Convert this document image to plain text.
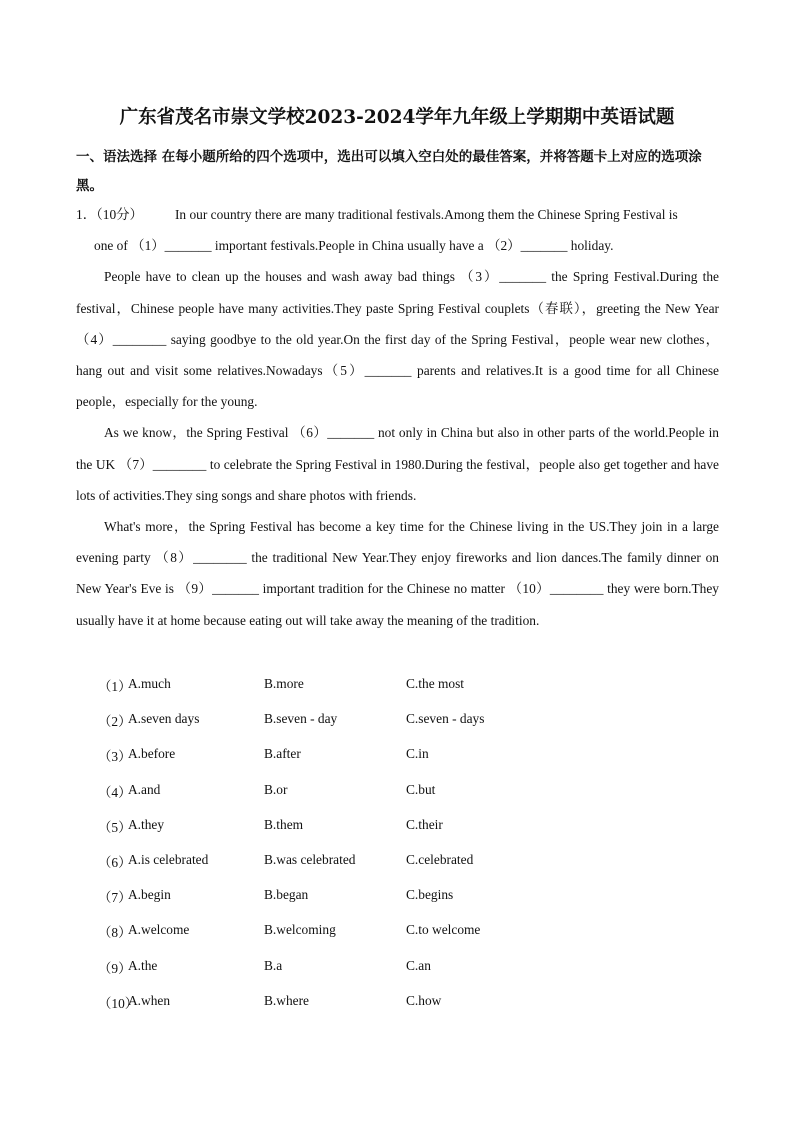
广东省茂名市崇文学校2023-2024学年九年级上学期期中英语试题
一、语法选择 在每小题所给的四个选项中，选出可以填入空白处的最佳答案，并将答题卡上对应的选项涂黑。

1．（10分） In our country there are many traditional festivals.Among them the Chinese Spring Festival is

one of （1）_______ important festivals.People in China usually have a （2）_______ holiday.

People have to clean up the houses and wash away bad things （3）_______ the Spring Festival.During the festival，Chinese people have many activities.They paste Spring Festival couplets（春联），greeting the New Year （4）________ saying goodbye to the old year.On the first day of the Spring Festival，people wear new clothes，hang out and visit some relatives.Nowadays（5）_______ parents and relatives.It is a good time for all Chinese people，especially for the young.

As we know，the Spring Festival （6）_______ not only in China but also in other parts of the world.People in the UK （7）________ to celebrate the Spring Festival in 1980.During the festival，people also get together and have lots of activities.They sing songs and share photos with friends.

What's more，the Spring Festival has become a key time for the Chinese living in the US.They join in a large evening party （8）________ the traditional New Year.They enjoy fireworks and lion dances.The family dinner on New Year's Eve is （9）_______ important tradition for the Chinese no matter （10）________ they were born.They usually have it at home because eating out will take away the meaning of the tradition.

（1）
A.much	B.more	C.the most
（2）
A.seven days	B.seven - day	C.seven - days
（3）
A.before	B.after	C.in
（4）
A.and	B.or	C.but
（5）
A.they	B.them	C.their
（6）
A.is celebrated	B.was celebrated	C.celebrated
（7）
A.begin	B.began	C.begins
（8）
A.welcome	B.welcoming	C.to welcome
（9）
A.the	B.a	C.an
（10）
A.when	B.where	C.how
